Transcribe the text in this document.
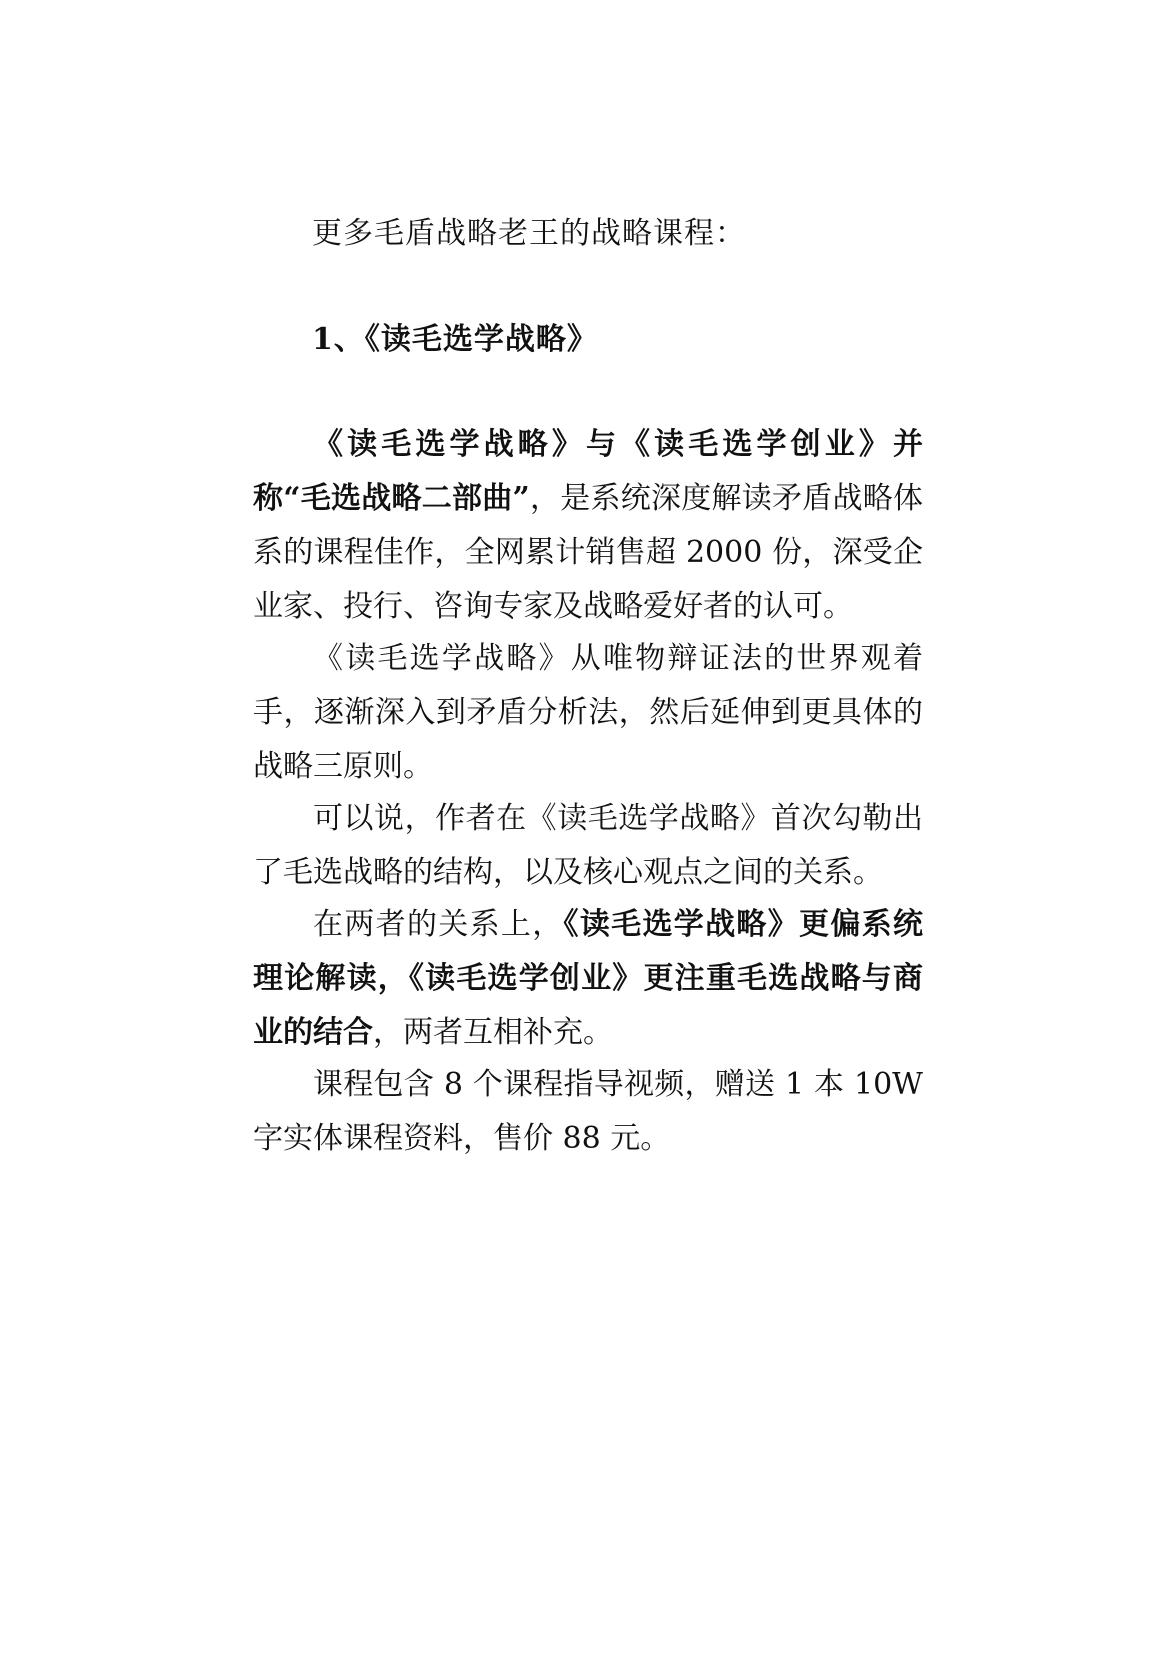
更多毛盾战略老王的战略课程：

1、《读毛选学战略》

《读毛选学战略》与《读毛选学创业》并称“毛选战略二部曲”，是系统深度解读矛盾战略体系的课程佳作，全网累计销售超 2000 份，深受企业家、投行、咨询专家及战略爱好者的认可。

《读毛选学战略》从唯物辩证法的世界观着手，逐渐深入到矛盾分析法，然后延伸到更具体的战略三原则。

可以说，作者在《读毛选学战略》首次勾勒出了毛选战略的结构，以及核心观点之间的关系。

在两者的关系上，《读毛选学战略》更偏系统理论解读，《读毛选学创业》更注重毛选战略与商业的结合，两者互相补充。

课程包含 8 个课程指导视频，赠送 1 本 10W 字实体课程资料，售价 88 元。
